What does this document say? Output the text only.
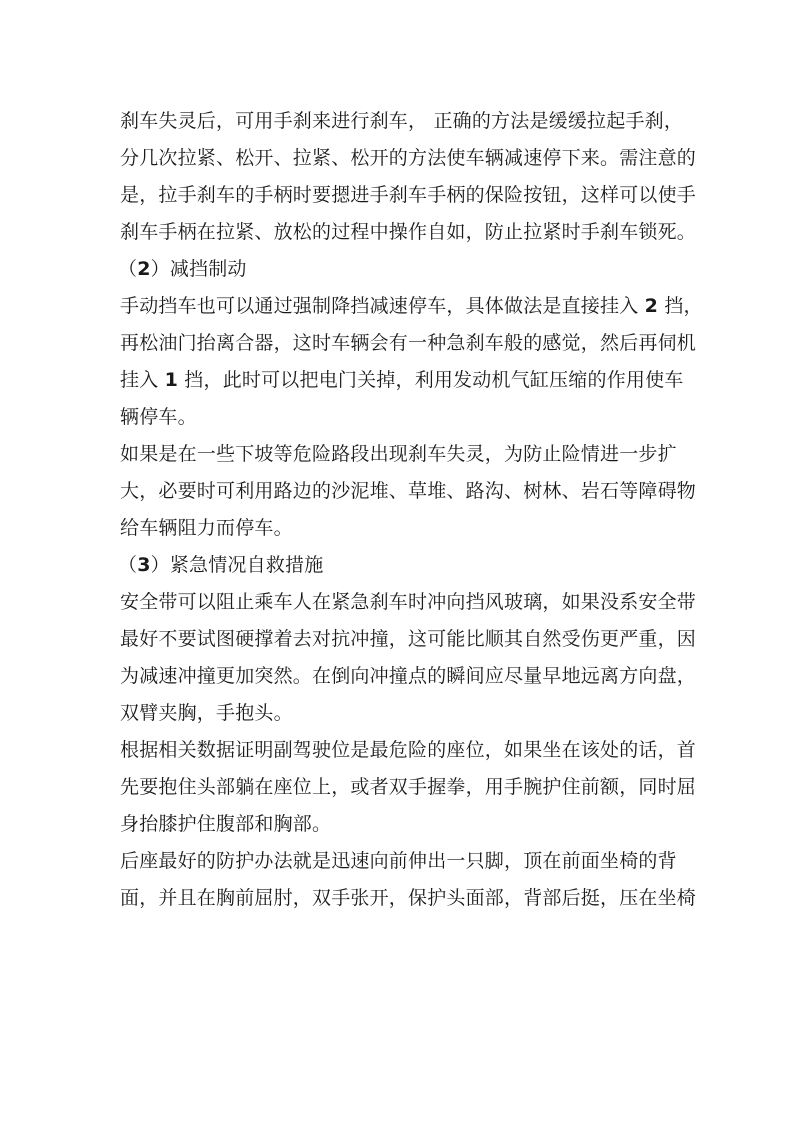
刹车失灵后，可用手刹来进行刹车， 正确的方法是缓缓拉起手刹，
分几次拉紧、松开、拉紧、松开的方法使车辆减速停下来。需注意的
是，拉手刹车的手柄时要摁进手刹车手柄的保险按钮，这样可以使手
刹车手柄在拉紧、放松的过程中操作自如，防止拉紧时手刹车锁死。
（2）减挡制动
手动挡车也可以通过强制降挡减速停车，具体做法是直接挂入 2 挡，
再松油门抬离合器，这时车辆会有一种急刹车般的感觉，然后再伺机
挂入 1 挡，此时可以把电门关掉，利用发动机气缸压缩的作用使车
辆停车。
如果是在一些下坡等危险路段出现刹车失灵，为防止险情进一步扩
大，必要时可利用路边的沙泥堆、草堆、路沟、树林、岩石等障碍物
给车辆阻力而停车。
（3）紧急情况自救措施
安全带可以阻止乘车人在紧急刹车时冲向挡风玻璃，如果没系安全带
最好不要试图硬撑着去对抗冲撞，这可能比顺其自然受伤更严重，因
为减速冲撞更加突然。在倒向冲撞点的瞬间应尽量早地远离方向盘，
双臂夹胸，手抱头。
根据相关数据证明副驾驶位是最危险的座位，如果坐在该处的话，首
先要抱住头部躺在座位上，或者双手握拳，用手腕护住前额，同时屈
身抬膝护住腹部和胸部。
后座最好的防护办法就是迅速向前伸出一只脚，顶在前面坐椅的背
面，并且在胸前屈肘，双手张开，保护头面部，背部后挺，压在坐椅
